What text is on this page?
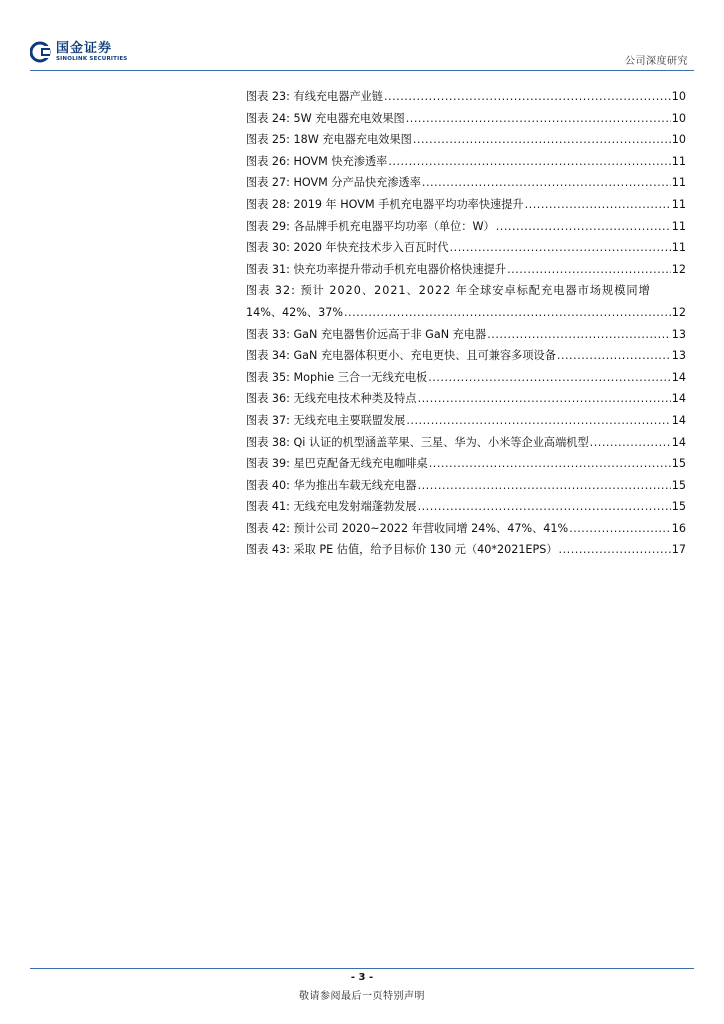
国金证券
SINOLINK SECURITIES	公司深度研究
图表 23: 有线充电器产业链 .....	10
图表 24: 5W 充电器充电效果图 .....	10
图表 25: 18W 充电器充电效果图 .....	10
图表 26: HOVM 快充渗透率 .....	11
图表 27: HOVM 分产品快充渗透率 .....	11
图表 28: 2019 年 HOVM 手机充电器平均功率快速提升 .....	11
图表 29: 各品牌手机充电器平均功率（单位：W） .....	11
图表 30: 2020 年快充技术步入百瓦时代 .....	11
图表 31: 快充功率提升带动手机充电器价格快速提升 .....	12
图表 32: 预计 2020、2021、2022 年全球安卓标配充电器市场规模同增
14%、42%、37% .....	12
图表 33: GaN 充电器售价远高于非 GaN 充电器 .....	13
图表 34: GaN 充电器体积更小、充电更快、且可兼容多项设备 .....	13
图表 35: Mophie 三合一无线充电板 .....	14
图表 36: 无线充电技术种类及特点 .....	14
图表 37: 无线充电主要联盟发展 .....	14
图表 38: Qi 认证的机型涵盖苹果、三星、华为、小米等企业高端机型 .....	14
图表 39: 星巴克配备无线充电咖啡桌 .....	15
图表 40: 华为推出车载无线充电器 .....	15
图表 41: 无线充电发射端蓬勃发展 .....	15
图表 42: 预计公司 2020~2022 年营收同增 24%、47%、41% .....	16
图表 43: 采取 PE 估值，给予目标价 130 元（40*2021EPS） .....	17
- 3 -
敬请参阅最后一页特别声明
